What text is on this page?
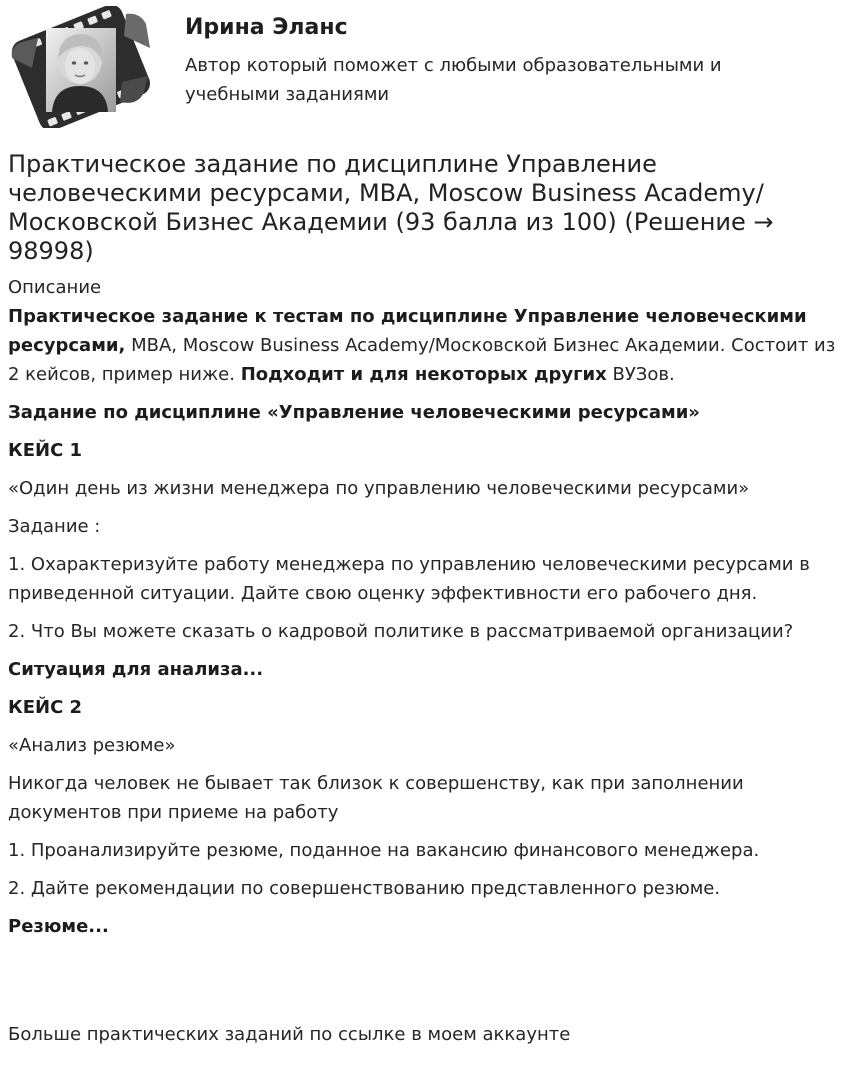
Ирина Эланс
Автор который поможет с любыми образовательными и учебными заданиями
Практическое задание по дисциплине Управление человеческими ресурсами, MBA, Moscow Business Academy/Московской Бизнес Академии (93 балла из 100) (Решение → 98998)

Описание

Практическое задание к тестам по дисциплине Управление человеческими ресурсами, MBA, Moscow Business Academy/Московской Бизнес Академии. Состоит из 2 кейсов, пример ниже. Подходит и для некоторых других ВУЗов.

Задание по дисциплине «Управление человеческими ресурсами»

КЕЙС 1

«Один день из жизни менеджера по управлению человеческими ресурсами»

Задание :

1. Охарактеризуйте работу менеджера по управлению человеческими ресурсами в приведенной ситуации. Дайте свою оценку эффективности его рабочего дня.

2. Что Вы можете сказать о кадровой политике в рассматриваемой организации?

Ситуация для анализа...

КЕЙС 2

«Анализ резюме»

Никогда человек не бывает так близок к совершенству, как при заполнении документов при приеме на работу

1. Проанализируйте резюме, поданное на вакансию финансового менеджера.

2. Дайте рекомендации по совершенствованию представленного резюме.

Резюме...

Больше практических заданий по ссылке в моем аккаунте
